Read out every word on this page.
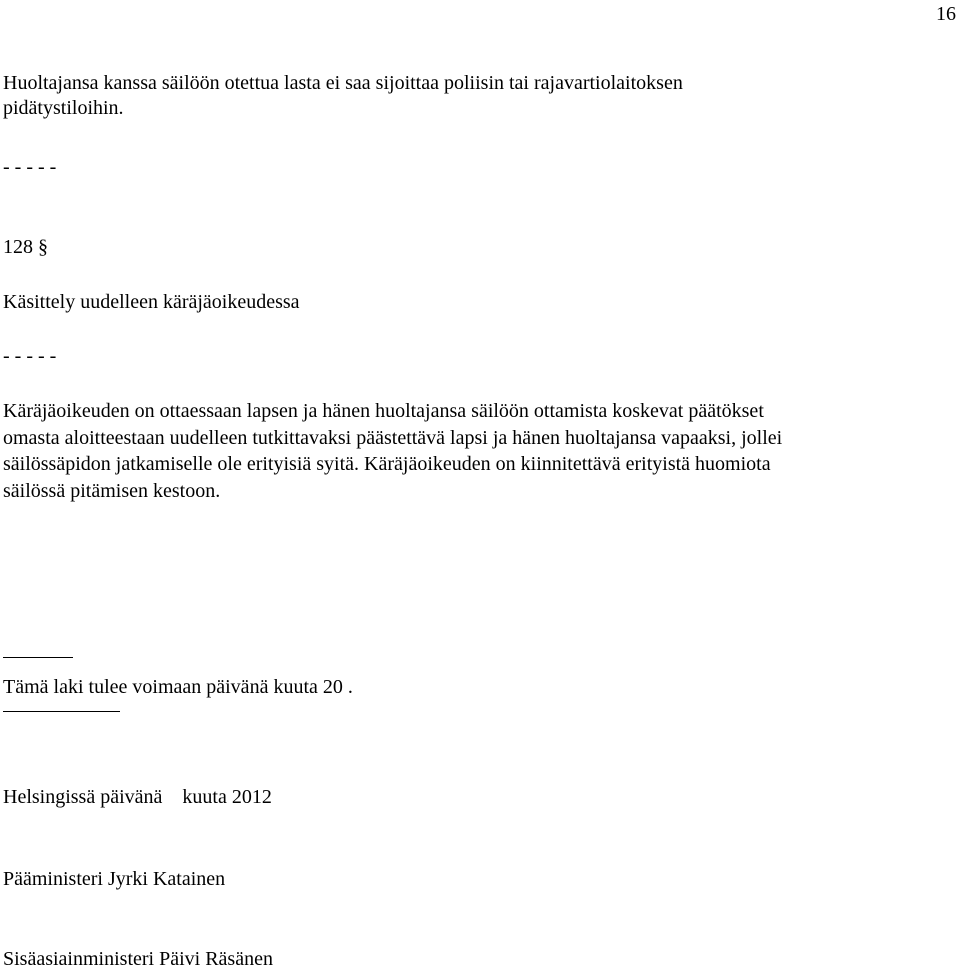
16
Huoltajansa kanssa säilöön otettua lasta ei saa sijoittaa poliisin tai rajavartiolaitoksen
pidätystiloihin.
- - - - -
128 §
Käsittely uudelleen käräjäoikeudessa
- - - - -
Käräjäoikeuden on ottaessaan lapsen ja hänen huoltajansa säilöön ottamista koskevat päätökset
omasta aloitteestaan uudelleen tutkittavaksi päästettävä lapsi ja hänen huoltajansa vapaaksi, jollei
säilössäpidon jatkamiselle ole erityisiä syitä. Käräjäoikeuden on kiinnitettävä erityistä huomiota
säilössä pitämisen kestoon.
Tämä laki tulee voimaan päivänä kuuta 20 .
Helsingissä päivänä    kuuta 2012
Pääministeri Jyrki Katainen
Sisäasiainministeri Päivi Räsänen
